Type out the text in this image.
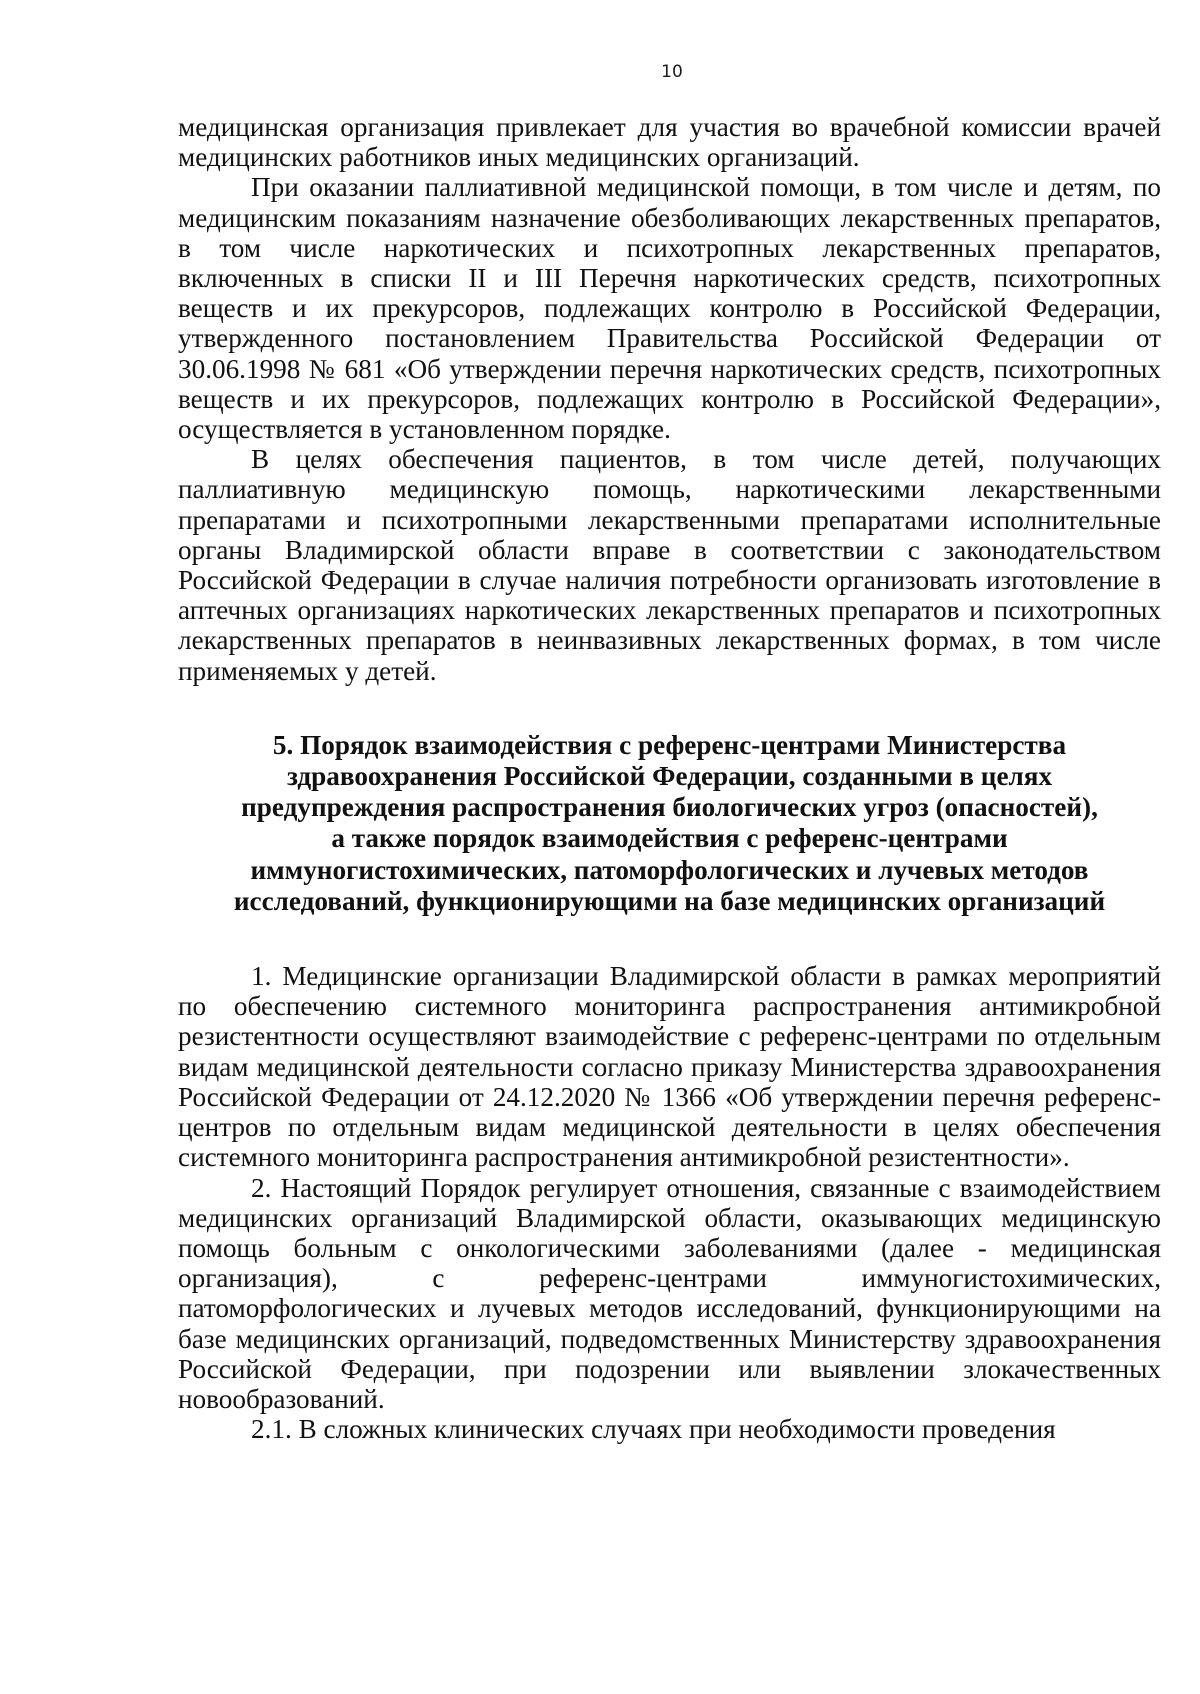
10

медицинская организация привлекает для участия во врачебной комиссии врачей медицинских работников иных медицинских организаций.

При оказании паллиативной медицинской помощи, в том числе и детям, по медицинским показаниям назначение обезболивающих лекарственных препаратов, в том числе наркотических и психотропных лекарственных препаратов, включенных в списки II и III Перечня наркотических средств, психотропных веществ и их прекурсоров, подлежащих контролю в Российской Федерации, утвержденного постановлением Правительства Российской Федерации от 30.06.1998 № 681 «Об утверждении перечня наркотических средств, психотропных веществ и их прекурсоров, подлежащих контролю в Российской Федерации», осуществляется в установленном порядке.

В целях обеспечения пациентов, в том числе детей, получающих паллиативную медицинскую помощь, наркотическими лекарственными препаратами и психотропными лекарственными препаратами исполнительные органы Владимирской области вправе в соответствии с законодательством Российской Федерации в случае наличия потребности организовать изготовление в аптечных организациях наркотических лекарственных препаратов и психотропных лекарственных препаратов в неинвазивных лекарственных формах, в том числе применяемых у детей.

5. Порядок взаимодействия с референс-центрами Министерства
здравоохранения Российской Федерации, созданными в целях
предупреждения распространения биологических угроз (опасностей),
а также порядок взаимодействия с референс-центрами
иммуногистохимических, патоморфологических и лучевых методов
исследований, функционирующими на базе медицинских организаций

1. Медицинские организации Владимирской области в рамках мероприятий по обеспечению системного мониторинга распространения антимикробной резистентности осуществляют взаимодействие с референс-центрами по отдельным видам медицинской деятельности согласно приказу Министерства здравоохранения Российской Федерации от 24.12.2020 № 1366 «Об утверждении перечня референс-центров по отдельным видам медицинской деятельности в целях обеспечения системного мониторинга распространения антимикробной резистентности».

2. Настоящий Порядок регулирует отношения, связанные с взаимодействием медицинских организаций Владимирской области, оказывающих медицинскую помощь больным с онкологическими заболеваниями (далее - медицинская организация), с референс-центрами иммуногистохимических, патоморфологических и лучевых методов исследований, функционирующими на базе медицинских организаций, подведомственных Министерству здравоохранения Российской Федерации, при подозрении или выявлении злокачественных новообразований.

2.1. В сложных клинических случаях при необходимости проведения
